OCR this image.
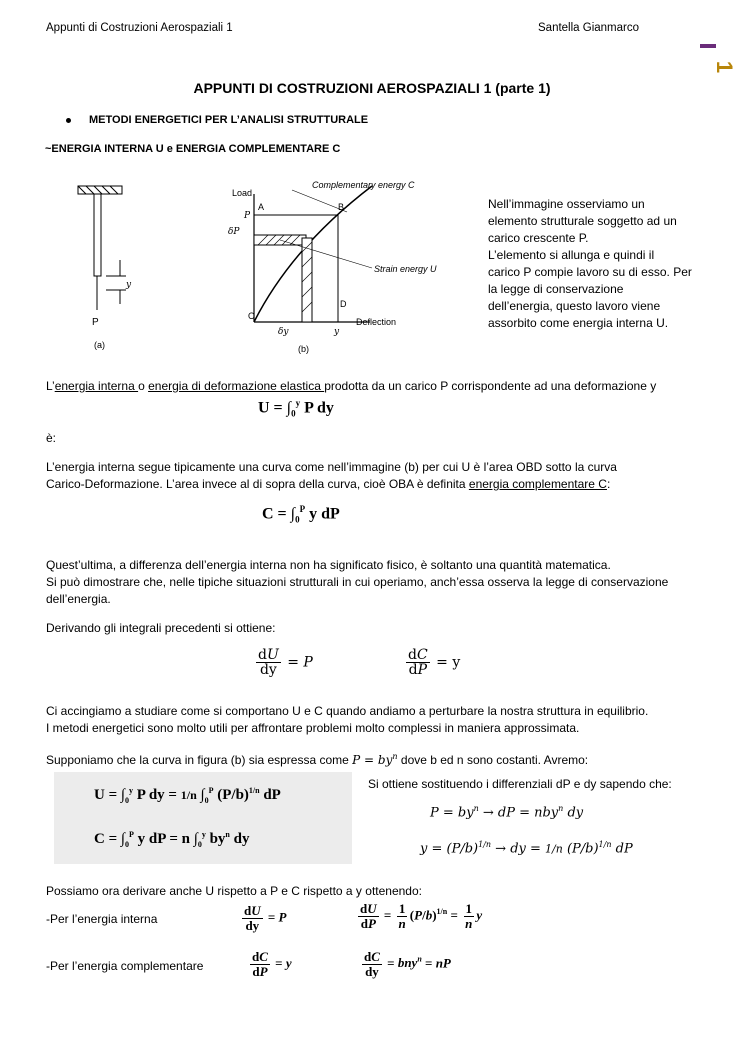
Appunti di Costruzioni Aerospaziali 1	Santella Gianmarco
1
APPUNTI DI COSTRUZIONI AEROSPAZIALI 1 (parte 1)
METODI ENERGETICI PER L’ANALISI STRUTTURALE
~ENERGIA INTERNA U e ENERGIA COMPLEMENTARE C
y
P
(a)
Load
Complementary energy C
Strain energy U
Deflection
A	B
D
O
P
δP
δy	y
(b)
Nell’immagine osserviamo un
elemento strutturale soggetto ad un
carico crescente P.
L’elemento si allunga e quindi il
carico P compie lavoro su di esso. Per
la legge di conservazione
dell’energia, questo lavoro viene
assorbito come energia interna U.
L’energia interna o energia di deformazione elastica prodotta da un carico P corrispondente ad una deformazione y
$U = \int_0^y$ P dy
è:
L’energia interna segue tipicamente una curva come nell’immagine (b) per cui U è l’area OBD sotto la curva
Carico-Deformazione. L’area invece al di sopra della curva, cioè OBA è definita energia complementare C:
$C = \int_0^P$ y dP
Quest’ultima, a differenza dell’energia interna non ha significato fisico, è soltanto una quantità matematica.
Si può dimostrare che, nelle tipiche situazioni strutturali in cui operiamo, anch’essa osserva la legge di conservazione
dell’energia.
Derivando gli integrali precedenti si ottiene:
$\frac{dU}{dy} = P$	$\frac{dC}{dP} = y$
Ci accingiamo a studiare come si comportano U e C quando andiamo a perturbare la nostra struttura in equilibrio.
I metodi energetici sono molto utili per affrontare problemi molto complessi in maniera approssimata.
Supponiamo che la curva in figura (b) sia espressa come $P = by^n$ dove b ed n sono costanti. Avremo:
$U = \int_0^y$ P dy = 1/n $\int_0^P$ $(P/b)^{1/n}$ dP
$C = \int_0^P$ y dP = n $\int_0^y$ $by^n$ dy
Si ottiene sostituendo i differenziali dP e dy sapendo che:
$P = by^n$ → dP = nby$^n$ dy
$y = (P/b)^{1/n}$ → dy = 1/n $(P/b)^{1/n}$ dP
Possiamo ora derivare anche U rispetto a P e C rispetto a y ottenendo:
-Per l’energia interna	$\frac{dU}{dy} = P$	$\frac{dU}{dP} = \frac{1}{n} (P/b)^{1/n} = \frac{1}{n}$ y
-Per l’energia complementare	$\frac{dC}{dP} = y$	$\frac{dC}{dy} = bny^n$ = nP
